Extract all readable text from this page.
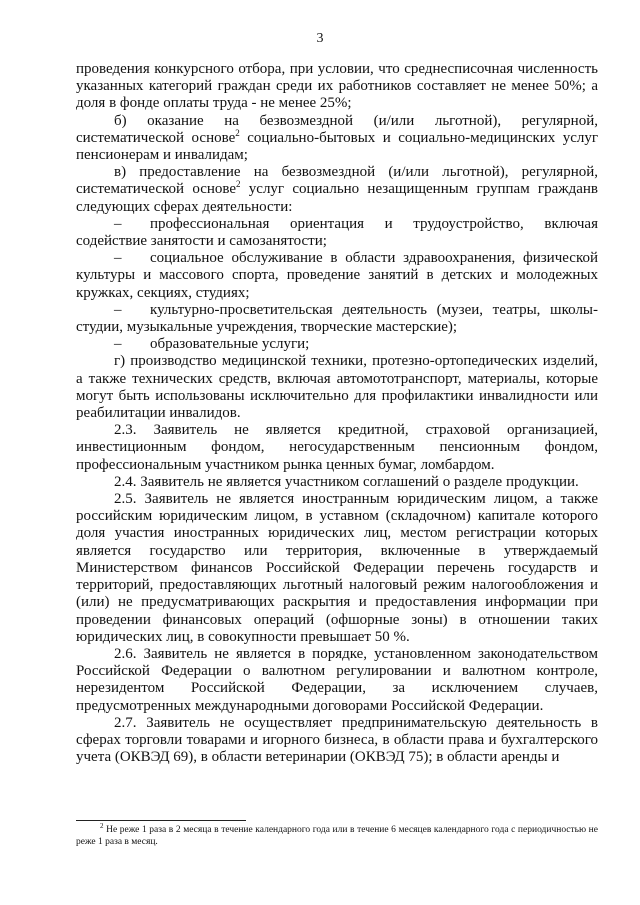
3

проведения конкурсного отбора, при условии, что среднесписочная численность указанных категорий граждан среди их работников составляет не менее 50%; а доля в фонде оплаты труда - не менее 25%;

б) оказание на безвозмездной (и/или льготной), регулярной, систематической основе$^2$ социально-бытовых и социально-медицинских услуг пенсионерам и инвалидам;

в) предоставление на безвозмездной (и/или льготной), регулярной, систематической основе$^2$ услуг социально незащищенным группам гражданв следующих сферах деятельности:

– профессиональная ориентация и трудоустройство, включая содействие занятости и самозанятости;

– социальное обслуживание в области здравоохранения, физической культуры и массового спорта, проведение занятий в детских и молодежных кружках, секциях, студиях;

– культурно-просветительская деятельность (музеи, театры, школы-студии, музыкальные учреждения, творческие мастерские);

– образовательные услуги;

г) производство медицинской техники, протезно-ортопедических изделий, а также технических средств, включая автомототранспорт, материалы, которые могут быть использованы исключительно для профилактики инвалидности или реабилитации инвалидов.

2.3. Заявитель не является кредитной, страховой организацией, инвестиционным фондом, негосударственным пенсионным фондом, профессиональным участником рынка ценных бумаг, ломбардом.

2.4. Заявитель не является участником соглашений о разделе продукции.

2.5. Заявитель не является иностранным юридическим лицом, а также российским юридическим лицом, в уставном (складочном) капитале которого доля участия иностранных юридических лиц, местом регистрации которых является государство или территория, включенные в утверждаемый Министерством финансов Российской Федерации перечень государств и территорий, предоставляющих льготный налоговый режим налогообложения и (или) не предусматривающих раскрытия и предоставления информации при проведении финансовых операций (офшорные зоны) в отношении таких юридических лиц, в совокупности превышает 50 %.

2.6. Заявитель не является в порядке, установленном законодательством Российской Федерации о валютном регулировании и валютном контроле, нерезидентом Российской Федерации, за исключением случаев, предусмотренных международными договорами Российской Федерации.

2.7. Заявитель не осуществляет предпринимательскую деятельность в сферах торговли товарами и игорного бизнеса, в области права и бухгалтерского учета (ОКВЭД 69), в области ветеринарии (ОКВЭД 75); в области аренды и

$^2$ Не реже 1 раза в 2 месяца в течение календарного года или в течение 6 месяцев календарного года с периодичностью не реже 1 раза в месяц.
